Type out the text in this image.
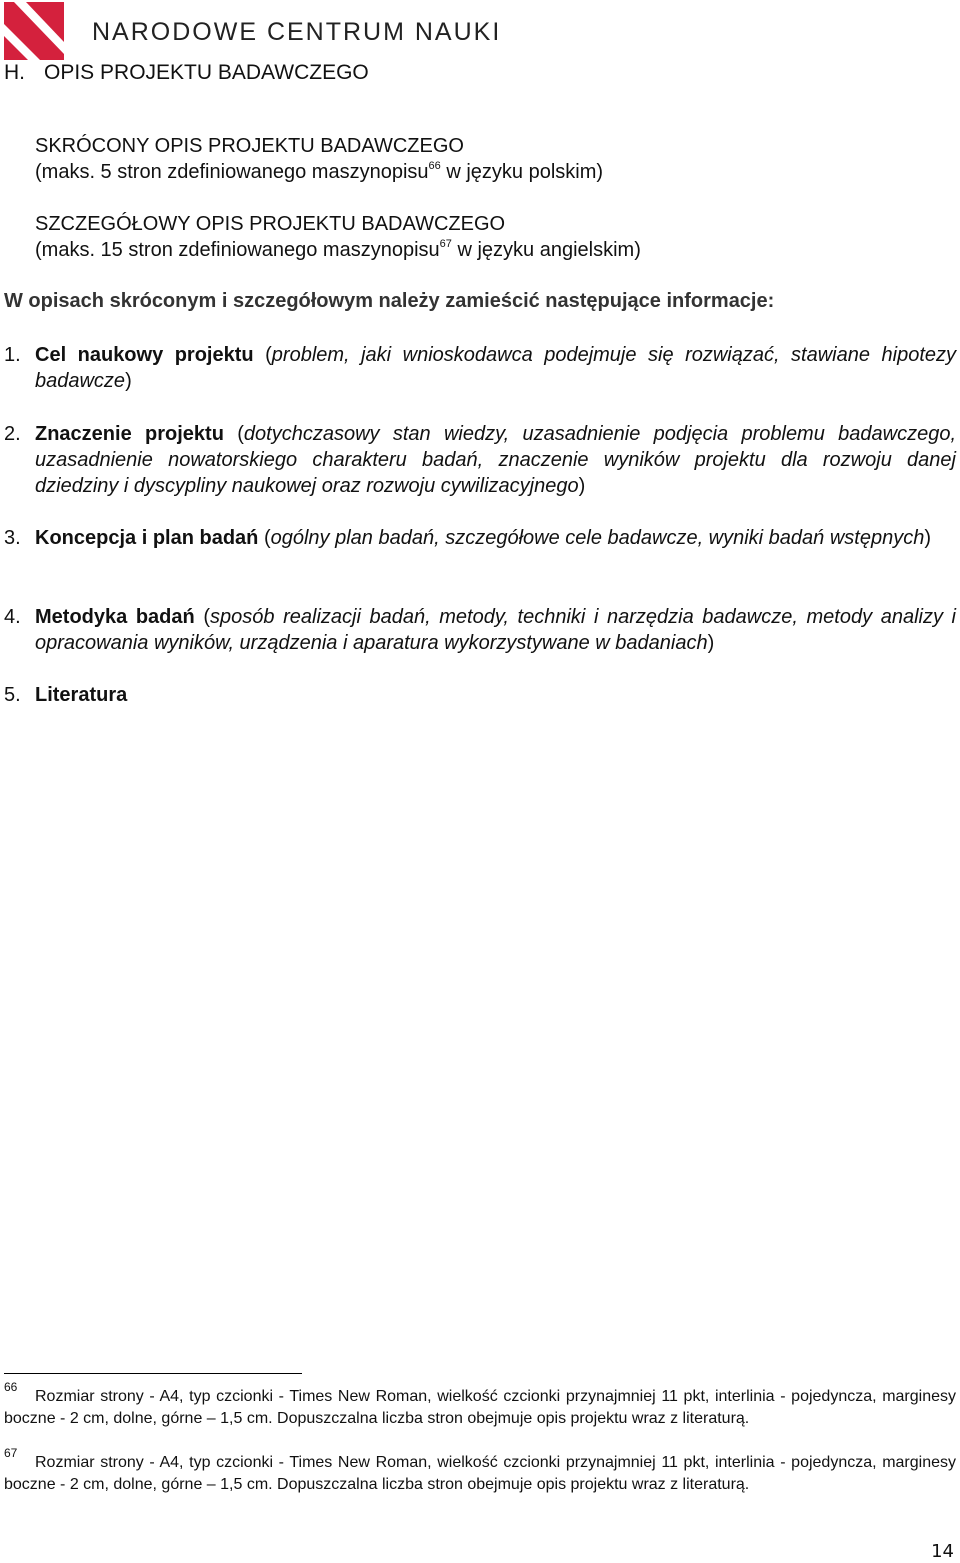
NARODOWE CENTRUM NAUKI
H. OPIS PROJEKTU BADAWCZEGO
SKRÓCONY OPIS PROJEKTU BADAWCZEGO
(maks. 5 stron zdefiniowanego maszynopisu$^{66}$ w języku polskim)
SZCZEGÓŁOWY OPIS PROJEKTU BADAWCZEGO
(maks. 15 stron zdefiniowanego maszynopisu$^{67}$ w języku angielskim)
W opisach skróconym i szczegółowym należy zamieścić następujące informacje:
1. Cel naukowy projektu (problem, jaki wnioskodawca podejmuje się rozwiązać, stawiane hipotezy badawcze)
2. Znaczenie projektu (dotychczasowy stan wiedzy, uzasadnienie podjęcia problemu badawczego, uzasadnienie nowatorskiego charakteru badań, znaczenie wyników projektu dla rozwoju danej dziedziny i dyscypliny naukowej oraz rozwoju cywilizacyjnego)
3. Koncepcja i plan badań (ogólny plan badań, szczegółowe cele badawcze, wyniki badań wstępnych)
4. Metodyka badań (sposób realizacji badań, metody, techniki i narzędzia badawcze, metody analizy i opracowania wyników, urządzenia i aparatura wykorzystywane w badaniach)
5. Literatura
66
Rozmiar strony - A4, typ czcionki - Times New Roman, wielkość czcionki przynajmniej 11 pkt, interlinia - pojedyncza, marginesy boczne - 2 cm, dolne, górne – 1,5 cm. Dopuszczalna liczba stron obejmuje opis projektu wraz z literaturą.
67
Rozmiar strony - A4, typ czcionki - Times New Roman, wielkość czcionki przynajmniej 11 pkt, interlinia - pojedyncza, marginesy boczne - 2 cm, dolne, górne – 1,5 cm. Dopuszczalna liczba stron obejmuje opis projektu wraz z literaturą.
14
